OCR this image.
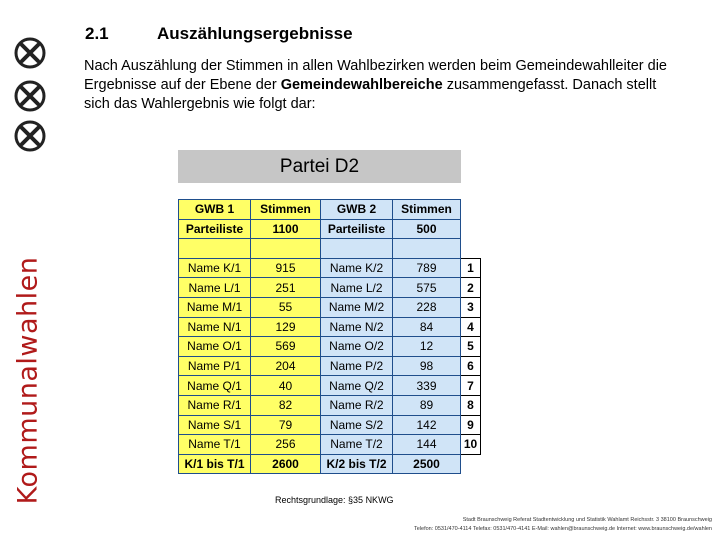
Kommunalwahlen
2.1	Auszählungsergebnisse

Nach Auszählung der Stimmen in allen Wahlbezirken werden beim Gemeindewahlleiter die Ergebnisse auf der Ebene der Gemeindewahlbereiche zusammengefasst. Danach stellt sich das Wahlergebnis wie folgt dar:

Partei D2
GWB 1	Stimmen	GWB 2	Stimmen	
Parteiliste	1100	Parteiliste	500	

Name K/1	915	Name K/2	789	1
Name L/1	251	Name L/2	575	2
Name M/1	55	Name M/2	228	3
Name N/1	129	Name N/2	84	4
Name O/1	569	Name O/2	12	5
Name P/1	204	Name P/2	98	6
Name Q/1	40	Name Q/2	339	7
Name R/1	82	Name R/2	89	8
Name S/1	79	Name S/2	142	9
Name T/1	256	Name T/2	144	10
K/1 bis T/1	2600	K/2 bis T/2	2500	
Rechtsgrundlage: §35 NKWG
Stadt Braunschweig Referat Stadtentwicklung und Statistik Wahlamt Reichsstr. 3 38100 Braunschweig
Telefon: 0531/470-4114 Telefax: 0531/470-4141 E-Mail: wahlen@braunschweig.de Internet: www.braunschweig.de/wahlen
